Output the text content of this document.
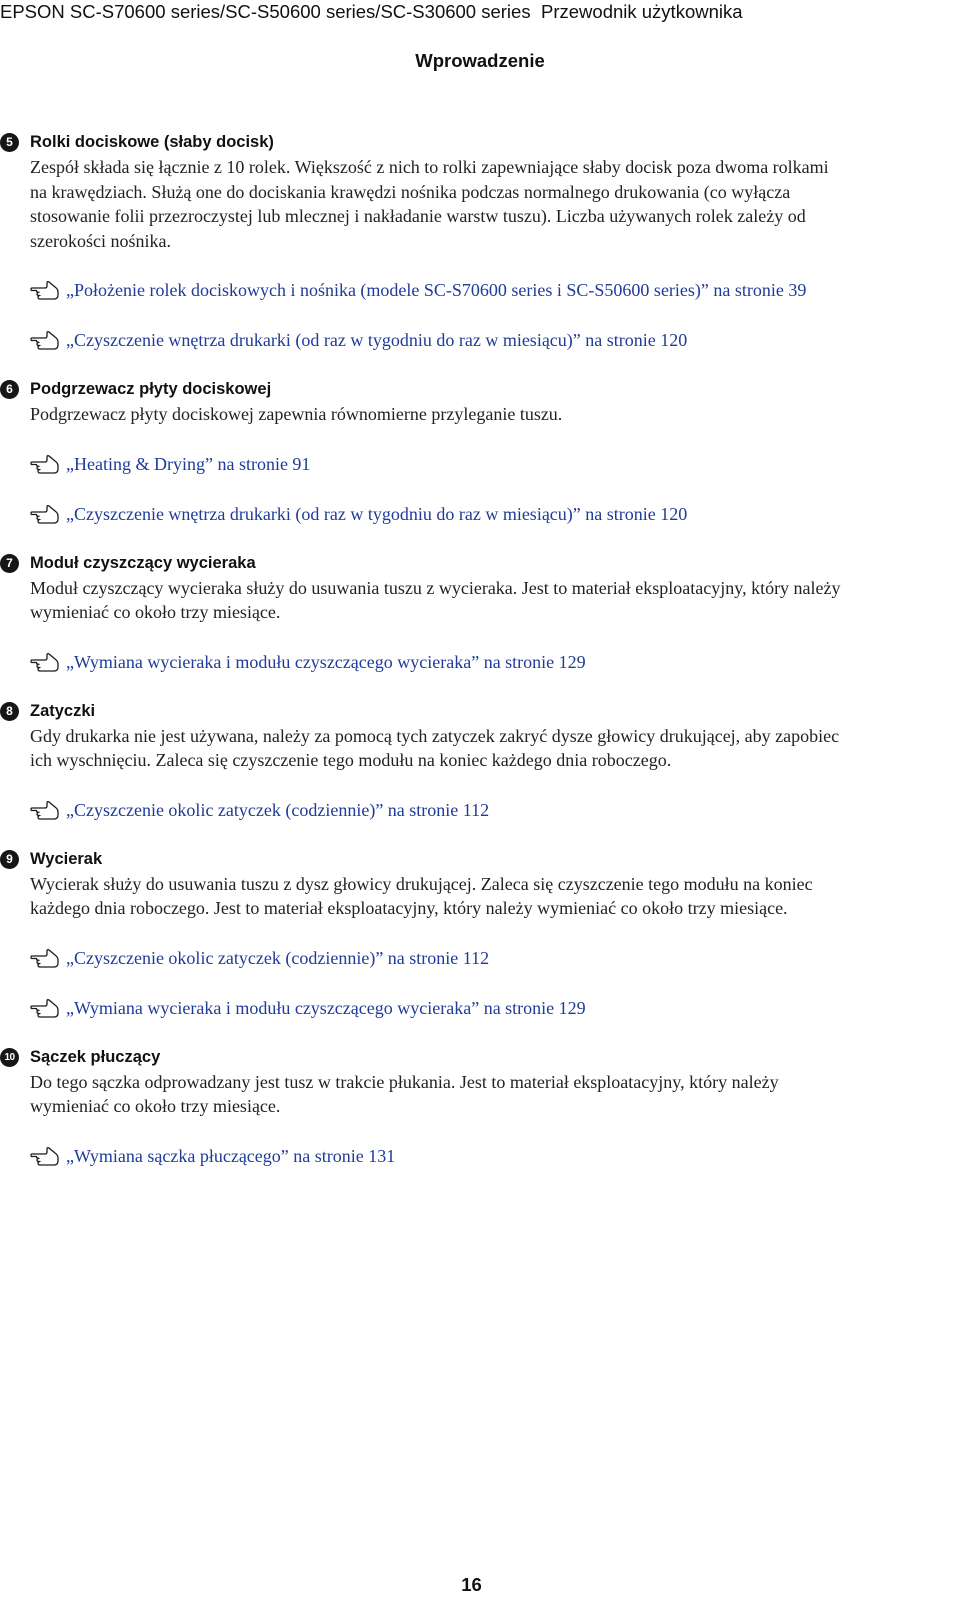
EPSON SC-S70600 series/SC-S50600 series/SC-S30600 series Przewodnik użytkownika
Wprowadzenie
5	Rolki dociskowe (słaby docisk)
Zespół składa się łącznie z 10 rolek. Większość z nich to rolki zapewniające słaby docisk poza dwoma rolkami
na krawędziach. Służą one do dociskania krawędzi nośnika podczas normalnego drukowania (co wyłącza
stosowanie folii przezroczystej lub mlecznej i nakładanie warstw tuszu). Liczba używanych rolek zależy od
szerokości nośnika.
„Położenie rolek dociskowych i nośnika (modele SC-S70600 series i SC-S50600 series)” na stronie 39
„Czyszczenie wnętrza drukarki (od raz w tygodniu do raz w miesiącu)” na stronie 120
6	Podgrzewacz płyty dociskowej
Podgrzewacz płyty dociskowej zapewnia równomierne przyleganie tuszu.
„Heating & Drying” na stronie 91
„Czyszczenie wnętrza drukarki (od raz w tygodniu do raz w miesiącu)” na stronie 120
7	Moduł czyszczący wycieraka
Moduł czyszczący wycieraka służy do usuwania tuszu z wycieraka. Jest to materiał eksploatacyjny, który należy
wymieniać co około trzy miesiące.
„Wymiana wycieraka i modułu czyszczącego wycieraka” na stronie 129
8	Zatyczki
Gdy drukarka nie jest używana, należy za pomocą tych zatyczek zakryć dysze głowicy drukującej, aby zapobiec
ich wyschnięciu. Zaleca się czyszczenie tego modułu na koniec każdego dnia roboczego.
„Czyszczenie okolic zatyczek (codziennie)” na stronie 112
9	Wycierak
Wycierak służy do usuwania tuszu z dysz głowicy drukującej. Zaleca się czyszczenie tego modułu na koniec
każdego dnia roboczego. Jest to materiał eksploatacyjny, który należy wymieniać co około trzy miesiące.
„Czyszczenie okolic zatyczek (codziennie)” na stronie 112
„Wymiana wycieraka i modułu czyszczącego wycieraka” na stronie 129
10 Sączek płuczący
Do tego sączka odprowadzany jest tusz w trakcie płukania. Jest to materiał eksploatacyjny, który należy
wymieniać co około trzy miesiące.
„Wymiana sączka płuczącego” na stronie 131
16
